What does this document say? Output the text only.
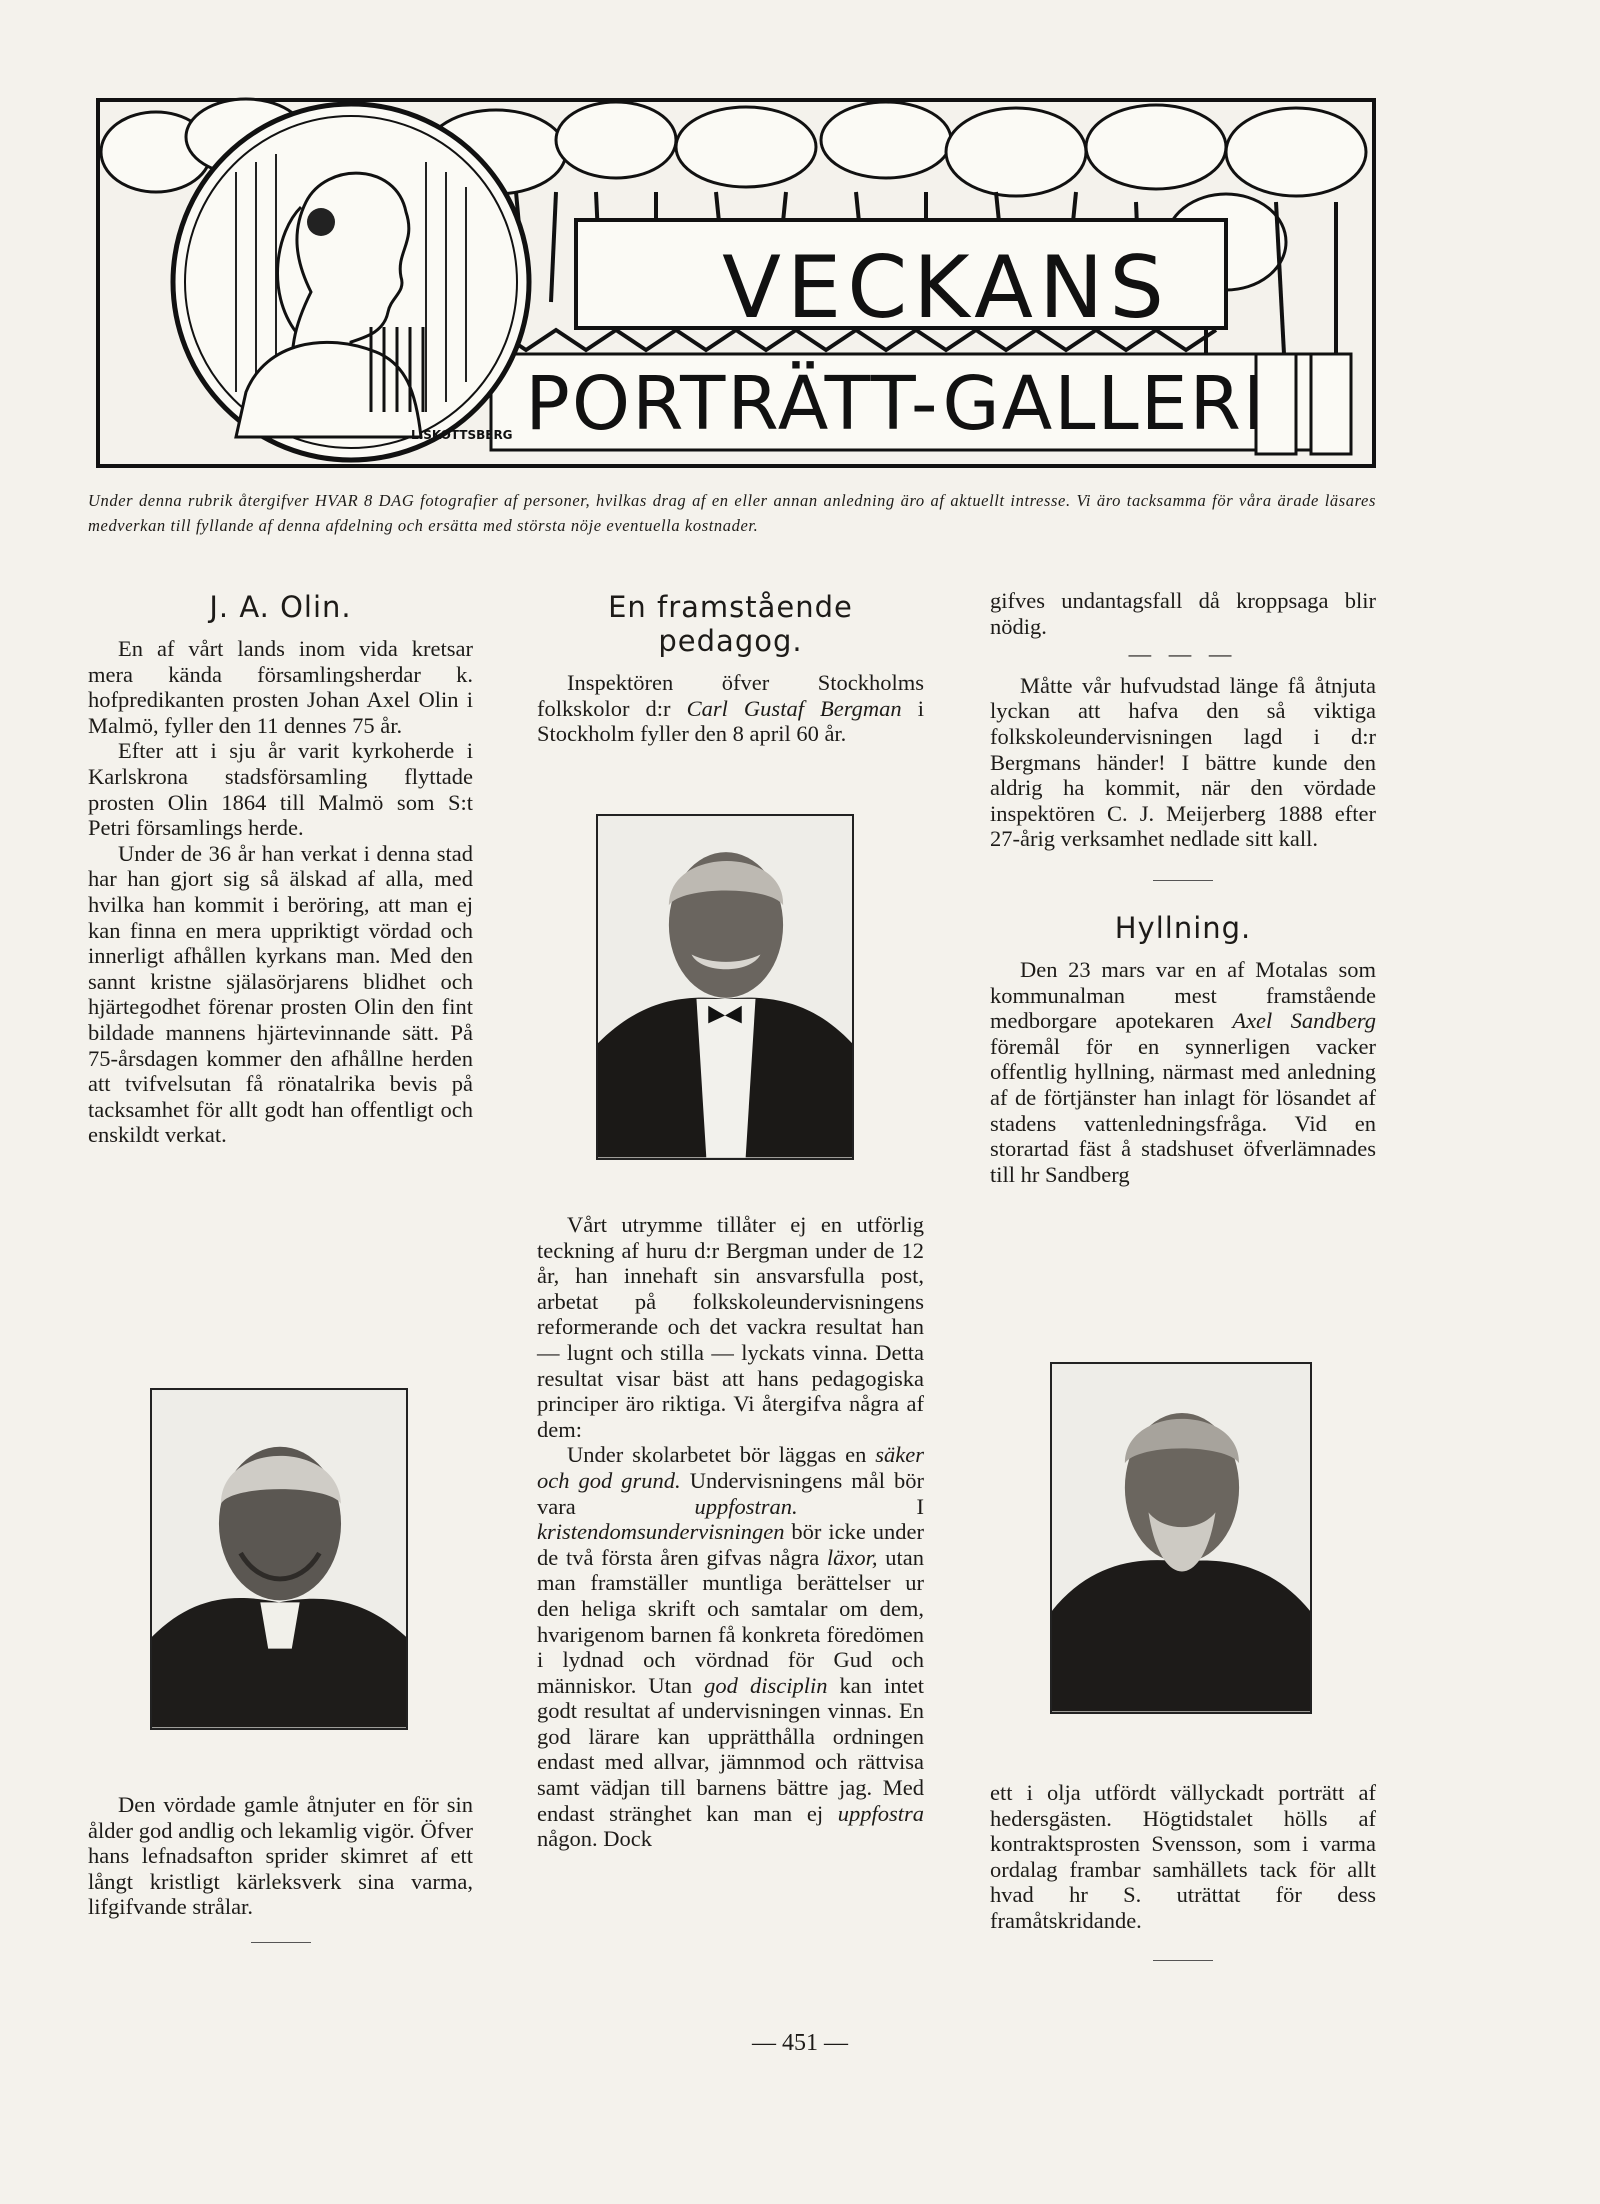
VECKANS
PORTRÄTT-GALLERI
L.SKOTTSBERG
Under denna rubrik återgifver HVAR 8 DAG fotografier af personer, hvilkas drag af en eller annan anledning äro af aktuellt intresse. Vi äro tacksamma för våra ärade läsares medverkan till fyllande af denna afdelning och ersätta med största nöje eventuella kostnader.
J. A. Olin.

En af vårt lands inom vida kretsar mera kända församlingsherdar k. hofpredikanten prosten Johan Axel Olin i Malmö, fyller den 11 dennes 75 år.

Efter att i sju år varit kyrkoherde i Karlskrona stadsförsamling flyttade prosten Olin 1864 till Malmö som S:t Petri församlings herde.

Under de 36 år han verkat i denna stad har han gjort sig så älskad af alla, med hvilka han kommit i beröring, att man ej kan finna en mera uppriktigt vördad och innerligt afhållen kyrkans man. Med den sannt kristne själasörjarens blidhet och hjärtegodhet förenar prosten Olin den fint bildade mannens hjärtevinnande sätt. På 75-årsdagen kommer den afhållne herden att tvifvelsutan få rönatalrika bevis på tacksamhet för allt godt han offentligt och enskildt verkat.

Den vördade gamle åtnjuter en för sin ålder god andlig och lekamlig vigör. Öfver hans lefnadsafton sprider skimret af ett långt kristligt kärleksverk sina varma, lifgifvande strålar.

En framstående pedagog.

Inspektören öfver Stockholms folkskolor d:r Carl Gustaf Bergman i Stockholm fyller den 8 april 60 år.

Vårt utrymme tillåter ej en utförlig teckning af huru d:r Bergman under de 12 år, han innehaft sin ansvarsfulla post, arbetat på folkskoleundervisningens reformerande och det vackra resultat han — lugnt och stilla — lyckats vinna. Detta resultat visar bäst att hans pedagogiska principer äro riktiga. Vi återgifva några af dem:

Under skolarbetet bör läggas en säker och god grund. Undervisningens mål bör vara uppfostran. I kristendomsundervisningen bör icke under de två första åren gifvas några läxor, utan man framställer muntliga berättelser ur den heliga skrift och samtalar om dem, hvarigenom barnen få konkreta föredömen i lydnad och vördnad för Gud och människor. Utan god disciplin kan intet godt resultat af undervisningen vinnas. En god lärare kan upprätthålla ordningen endast med allvar, jämnmod och rättvisa samt vädjan till barnens bättre jag. Med endast stränghet kan man ej uppfostra någon. Dock

gifves undantagsfall då kroppsaga blir nödig.

— — —

Måtte vår hufvudstad länge få åtnjuta lyckan att hafva den så viktiga folkskoleundervisningen lagd i d:r Bergmans händer! I bättre kunde den aldrig ha kommit, när den vördade inspektören C. J. Meijerberg 1888 efter 27-årig verksamhet nedlade sitt kall.

Hyllning.

Den 23 mars var en af Motalas som kommunalman mest framstående medborgare apotekaren Axel Sandberg föremål för en synnerligen vacker offentlig hyllning, närmast med anledning af de förtjänster han inlagt för lösandet af stadens vattenledningsfråga. Vid en storartad fäst å stadshuset öfverlämnades till hr Sandberg

ett i olja utfördt vällyckadt porträtt af hedersgästen. Högtidstalet hölls af kontraktsprosten Svensson, som i varma ordalag frambar samhällets tack för allt hvad hr S. uträttat för dess framåtskridande.

— 451 —
